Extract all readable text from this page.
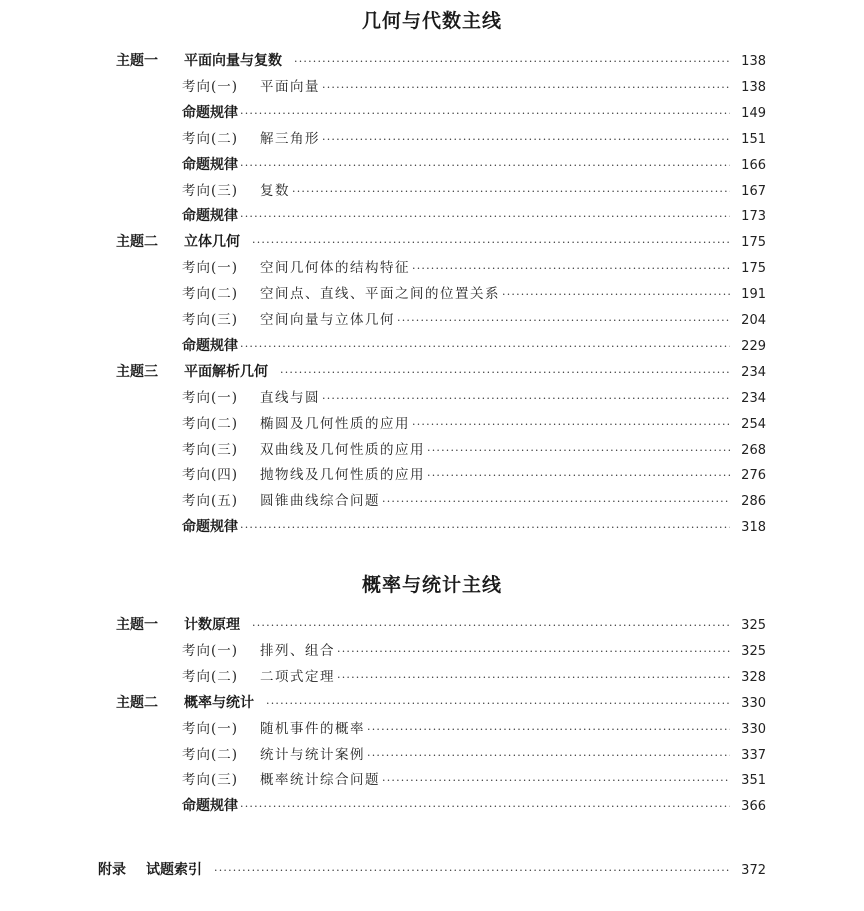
几何与代数主线
主题一	平面向量与复数 ·····	138
考向(一)	平面向量 ·····	138
命题规律 ·····	149
考向(二)	解三角形 ·····	151
命题规律 ·····	166
考向(三)	复数 ·····	167
命题规律 ·····	173
主题二	立体几何 ·····	175
考向(一)	空间几何体的结构特征 ·····	175
考向(二)	空间点、直线、平面之间的位置关系 ·····	191
考向(三)	空间向量与立体几何 ·····	204
命题规律 ·····	229
主题三	平面解析几何 ·····	234
考向(一)	直线与圆 ·····	234
考向(二)	椭圆及几何性质的应用 ·····	254
考向(三)	双曲线及几何性质的应用 ·····	268
考向(四)	抛物线及几何性质的应用 ·····	276
考向(五)	圆锥曲线综合问题 ·····	286
命题规律 ·····	318
概率与统计主线
主题一	计数原理 ·····	325
考向(一)	排列、组合 ·····	325
考向(二)	二项式定理 ·····	328
主题二	概率与统计 ·····	330
考向(一)	随机事件的概率 ·····	330
考向(二)	统计与统计案例 ·····	337
考向(三)	概率统计综合问题 ·····	351
命题规律 ·····	366
附录	试题索引 ·····	372
